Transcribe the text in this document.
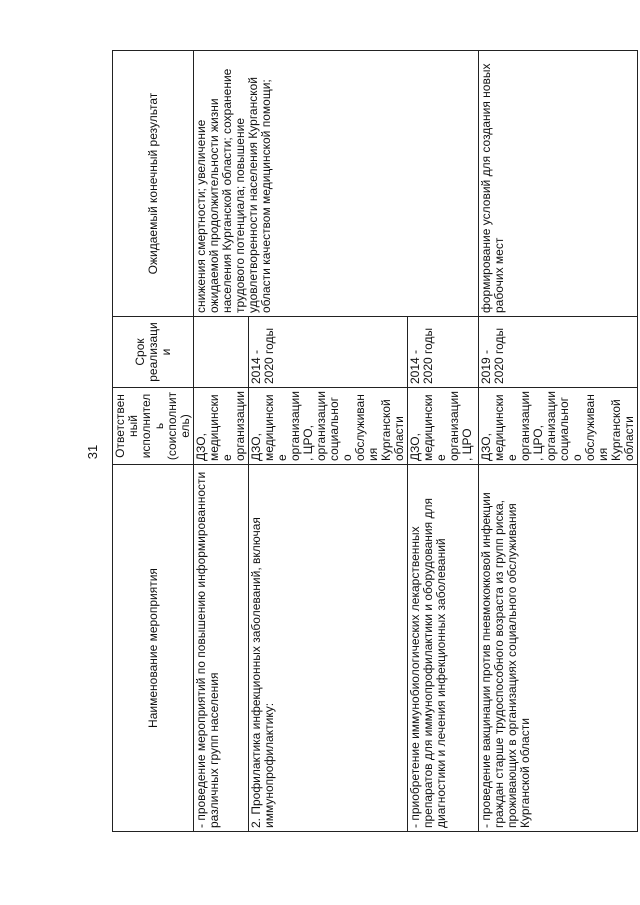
31
Наименование мероприятия	Ответственный исполнитель (соисполнитель)	Срок реализации	Ожидаемый конечный результат
- проведение мероприятий по повышению информированности различных групп населения	ДЗО, медицинские организации		снижения смертности; увеличение ожидаемой продолжительности жизни населения Курганской области; сохранение трудового потенциала; повышение удовлетворенности населения Курганской области качеством медицинской помощи;
2. Профилактика инфекционных заболеваний, включая иммунопрофилактику:	ДЗО, медицинские организации, ЦРО, организации социального обслуживания Курганской области	2014 - 2020 годы	
- приобретение иммунобиологических лекарственных препаратов для иммунопрофилактики и оборудования для диагностики и лечения инфекционных заболеваний	ДЗО, медицинские организации, ЦРО	2014 - 2020 годы	
- проведение вакцинации против пневмококковой инфекции граждан старше трудоспособного возраста из групп риска, проживающих в организациях социального обслуживания Курганской области	ДЗО, медицинские организации, ЦРО, организации социального обслуживания Курганской области	2019 - 2020 годы	формирование условий для создания новых рабочих мест
